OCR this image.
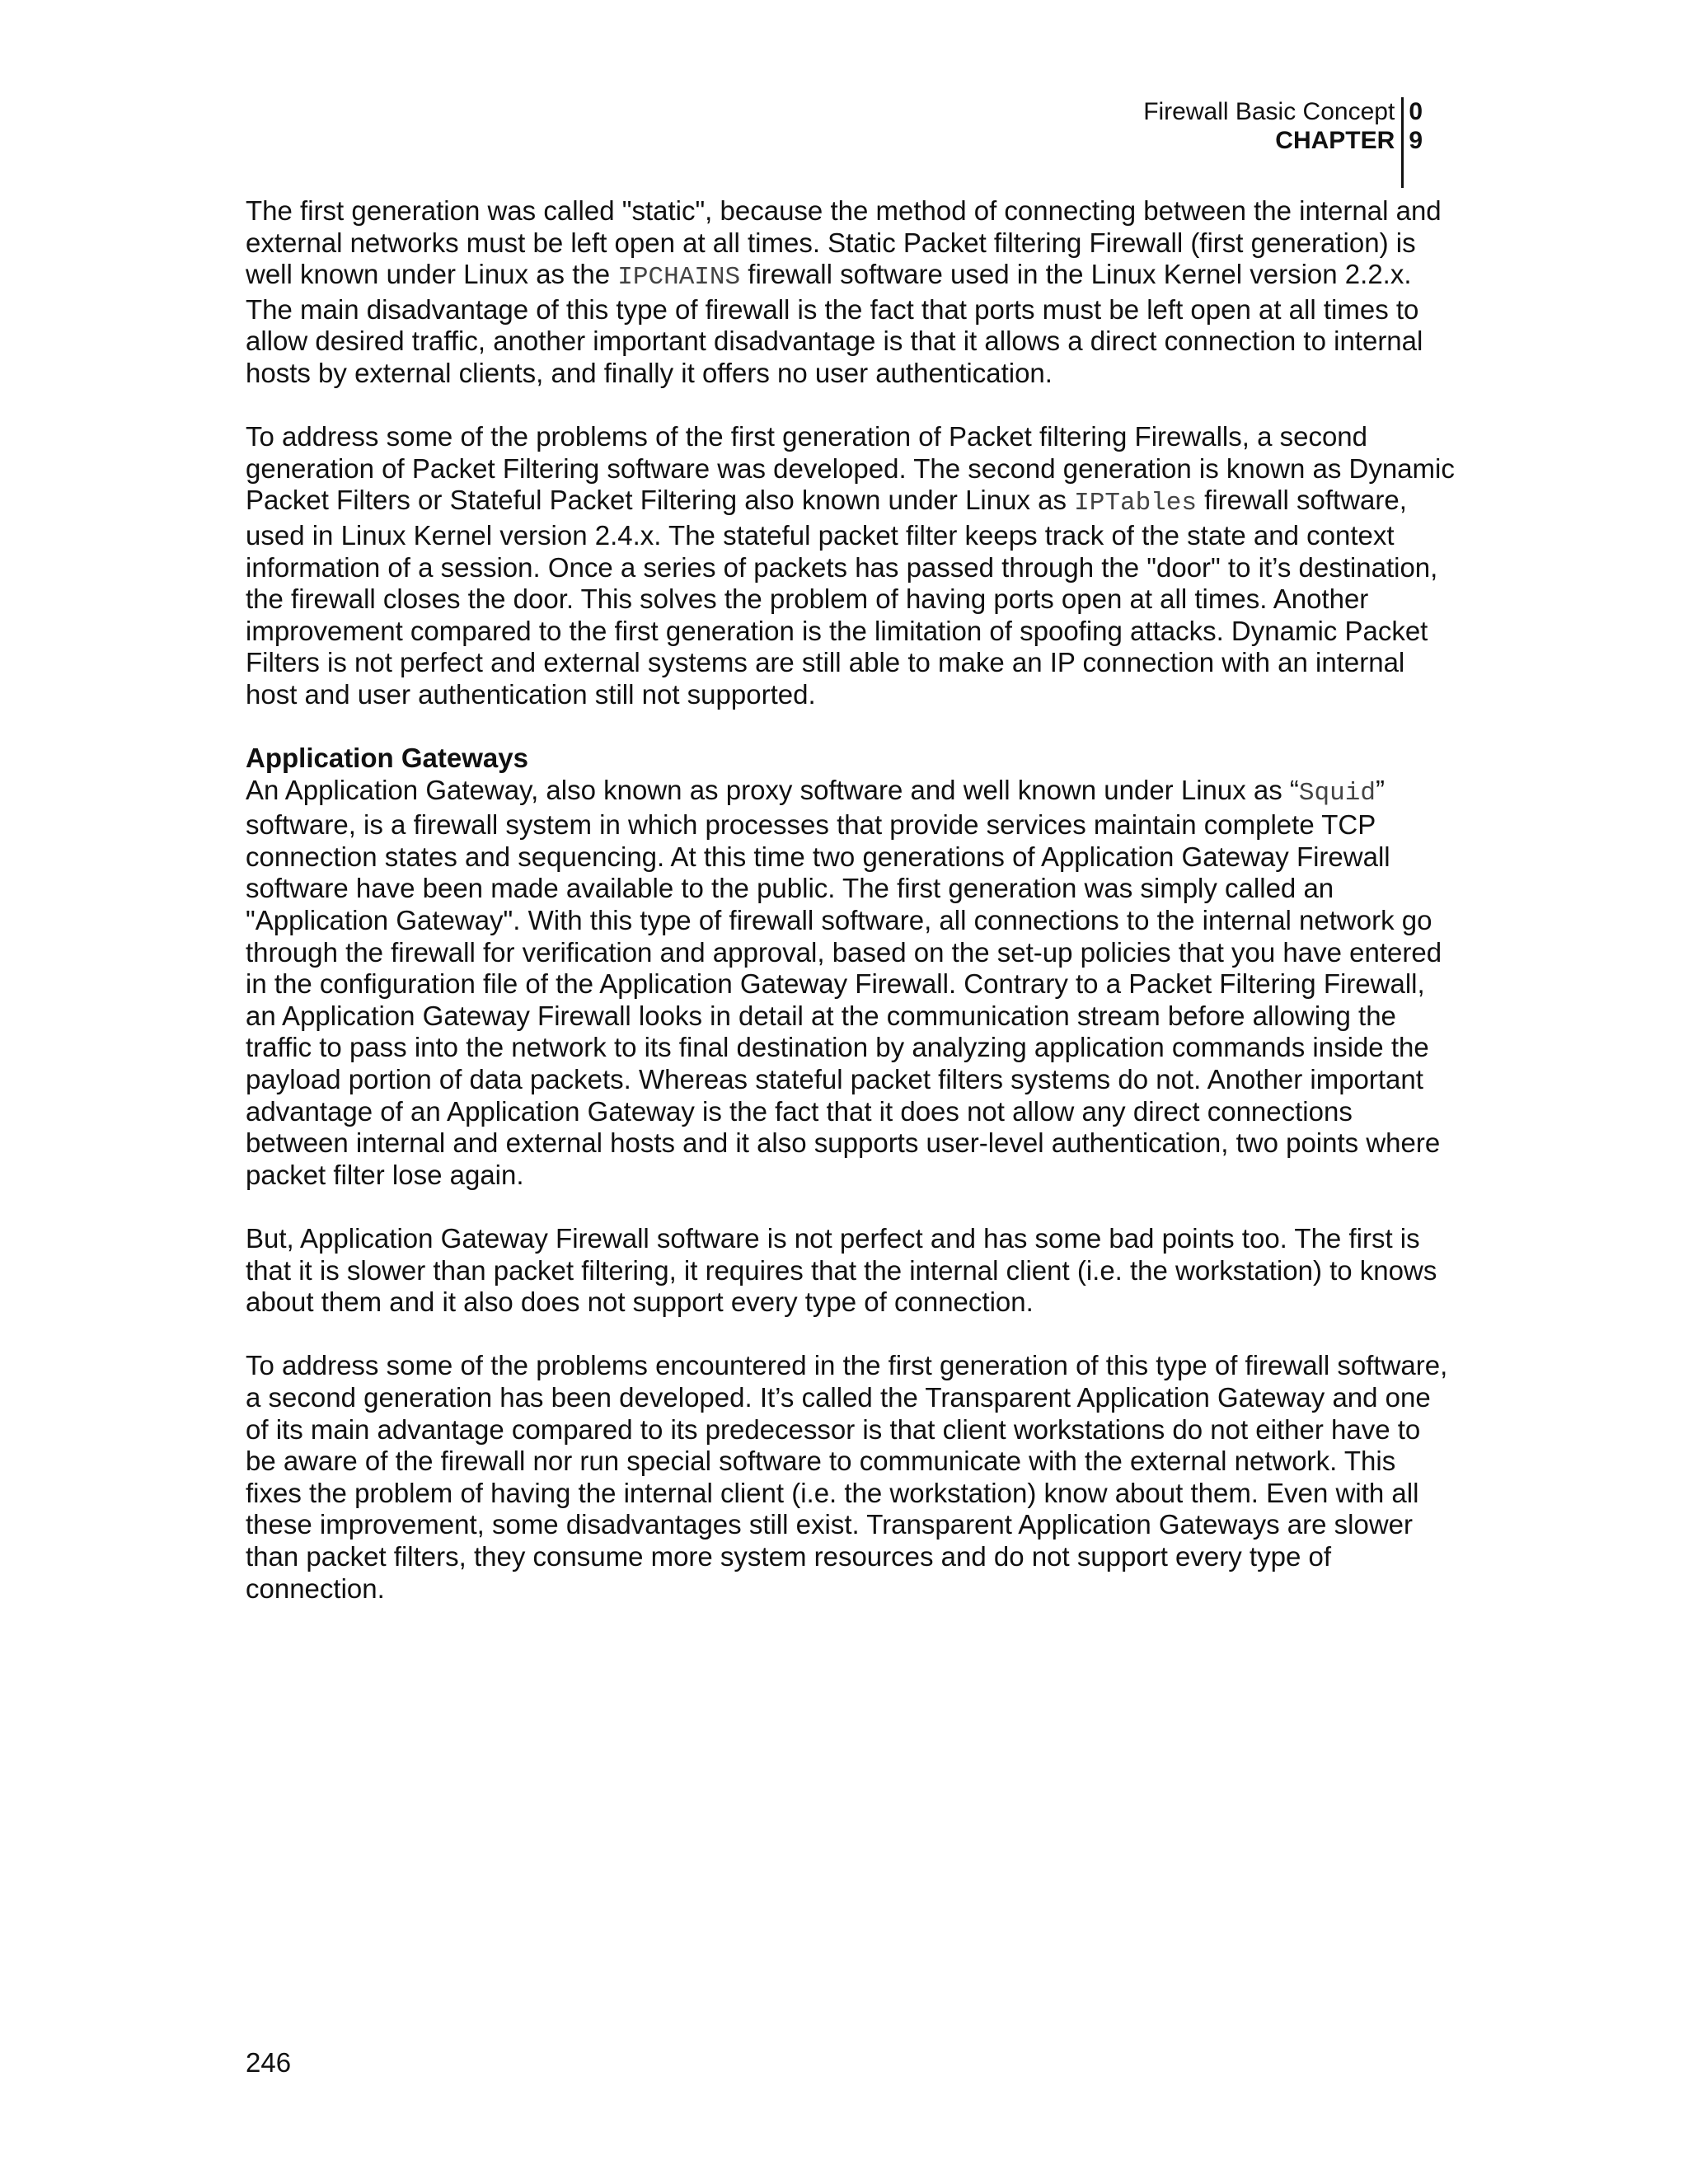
Firewall Basic Concept
CHAPTER
0
9

The first generation was called "static", because the method of connecting between the internal and external networks must be left open at all times. Static Packet filtering Firewall (first generation) is well known under Linux as the IPCHAINS firewall software used in the Linux Kernel version 2.2.x. The main disadvantage of this type of firewall is the fact that ports must be left open at all times to allow desired traffic, another important disadvantage is that it allows a direct connection to internal hosts by external clients, and finally it offers no user authentication.

To address some of the problems of the first generation of Packet filtering Firewalls, a second generation of Packet Filtering software was developed. The second generation is known as Dynamic Packet Filters or Stateful Packet Filtering also known under Linux as IPTables firewall software, used in Linux Kernel version 2.4.x. The stateful packet filter keeps track of the state and context information of a session. Once a series of packets has passed through the "door" to it’s destination, the firewall closes the door. This solves the problem of having ports open at all times. Another improvement compared to the first generation is the limitation of spoofing attacks. Dynamic Packet Filters is not perfect and external systems are still able to make an IP connection with an internal host and user authentication still not supported.

Application Gateways

An Application Gateway, also known as proxy software and well known under Linux as “Squid” software, is a firewall system in which processes that provide services maintain complete TCP connection states and sequencing. At this time two generations of Application Gateway Firewall software have been made available to the public. The first generation was simply called an "Application Gateway". With this type of firewall software, all connections to the internal network go through the firewall for verification and approval, based on the set-up policies that you have entered in the configuration file of the Application Gateway Firewall. Contrary to a Packet Filtering Firewall, an Application Gateway Firewall looks in detail at the communication stream before allowing the traffic to pass into the network to its final destination by analyzing application commands inside the payload portion of data packets. Whereas stateful packet filters systems do not. Another important advantage of an Application Gateway is the fact that it does not allow any direct connections between internal and external hosts and it also supports user-level authentication, two points where packet filter lose again.

But, Application Gateway Firewall software is not perfect and has some bad points too. The first is that it is slower than packet filtering, it requires that the internal client (i.e. the workstation) to knows about them and it also does not support every type of connection.

To address some of the problems encountered in the first generation of this type of firewall software, a second generation has been developed. It’s called the Transparent Application Gateway and one of its main advantage compared to its predecessor is that client workstations do not either have to be aware of the firewall nor run special software to communicate with the external network. This fixes the problem of having the internal client (i.e. the workstation) know about them. Even with all these improvement, some disadvantages still exist. Transparent Application Gateways are slower than packet filters, they consume more system resources and do not support every type of connection.

246
